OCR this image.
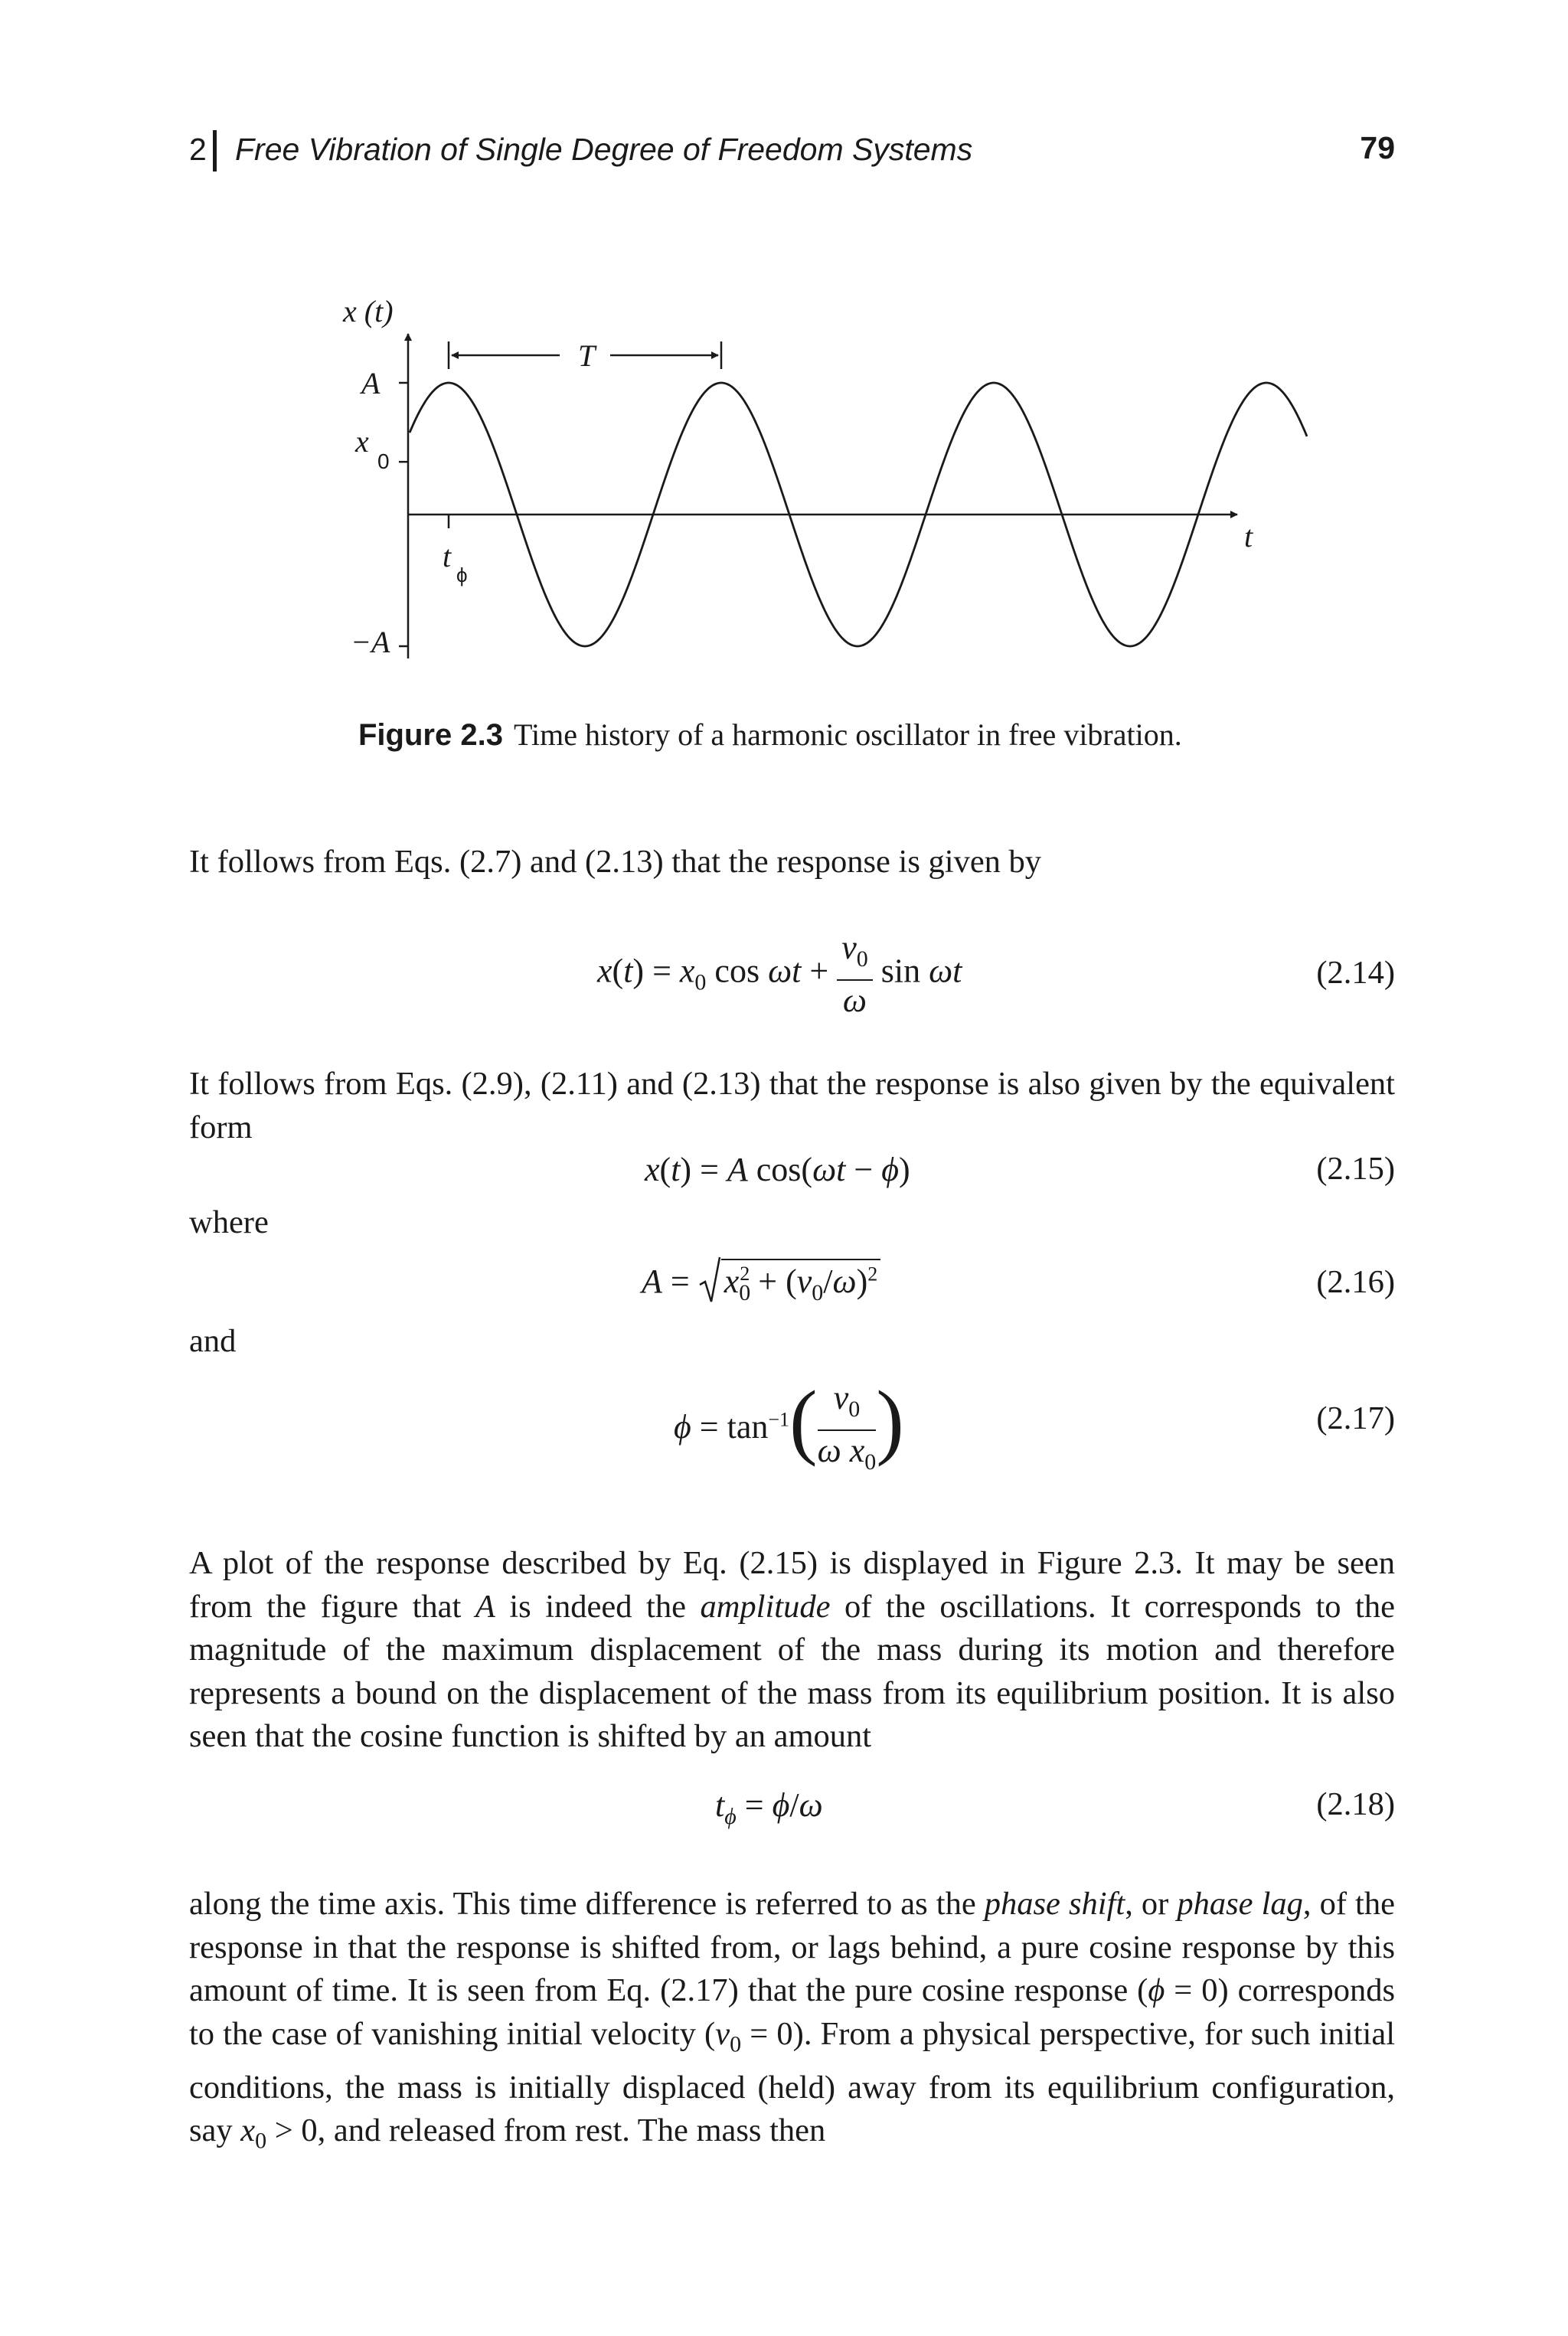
2 Free Vibration of Single Degree of Freedom Systems	79
x (t)
A
x
0
−A
t
ϕ
T
t
Figure 2.3 Time history of a harmonic oscillator in free vibration.
It follows from Eqs. (2.7) and (2.13) that the response is given by
$x(t) = x_0$ $\cos \omega t + \frac{v_0}{\omega}$ sin ωt	(2.14)
It follows from Eqs. (2.9), (2.11) and (2.13) that the response is also given by the equivalent form
x(t) = A cos(ωt − ϕ)	(2.15)
where
$A = x_0^2 + (v_0/\omega)^2$	(2.16)
and
$\phi = \tan^{-1}( \frac{v_0}{\omega x_0}$ )	(2.17)
A plot of the response described by Eq. (2.15) is displayed in Figure 2.3. It may be seen from the figure that A is indeed the amplitude of the oscillations. It corresponds to the magnitude of the maximum displacement of the mass during its motion and therefore represents a bound on the displacement of the mass from its equilibrium position. It is also seen that the cosine function is shifted by an amount
$t_\phi = \phi/\omega$	(2.18)
along the time axis. This time difference is referred to as the phase shift, or phase lag, of the response in that the response is shifted from, or lags behind, a pure cosine response by this amount of time. It is seen from Eq. (2.17) that the pure cosine response (ϕ = 0) corresponds to the case of vanishing initial velocity $(v_0 = 0)$. From a physical perspective, for such initial conditions, the mass is initially displaced (held) away from its equilibrium configuration, say $x_0 > 0$, and released from rest. The mass then
